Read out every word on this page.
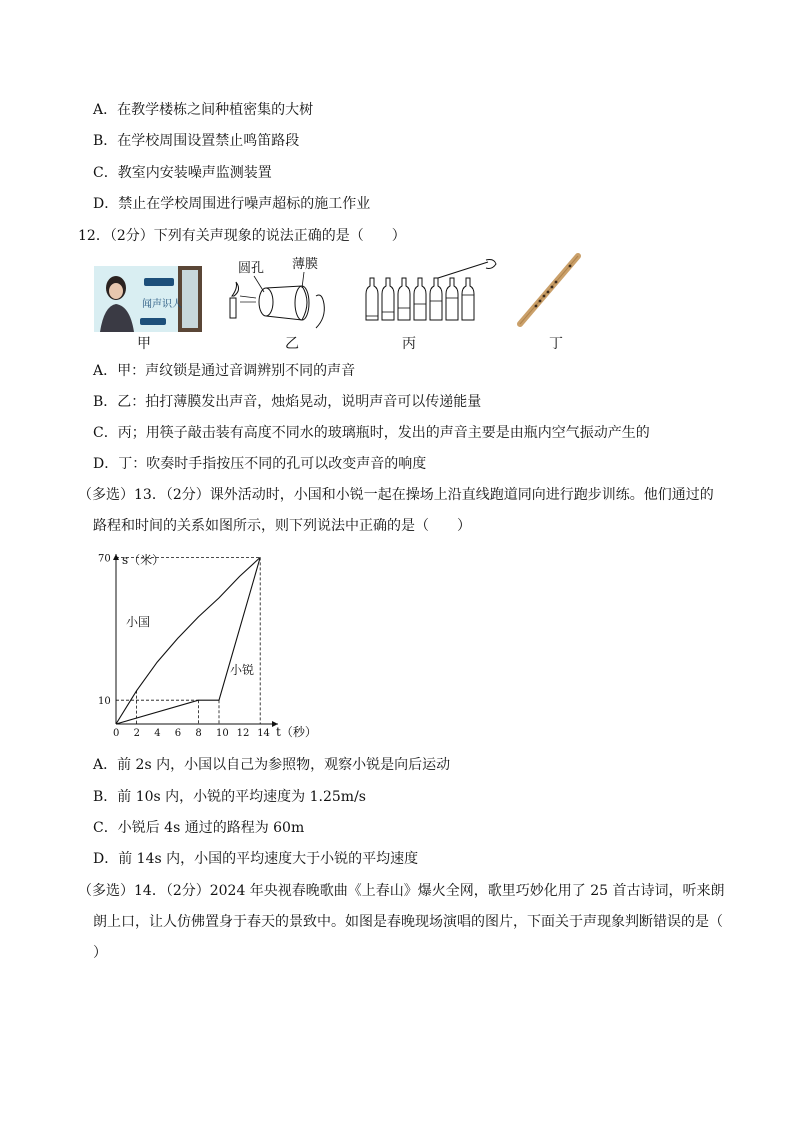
A．在教学楼栋之间种植密集的大树
B．在学校周围设置禁止鸣笛路段
C．教室内安装噪声监测装置
D．禁止在学校周围进行噪声超标的施工作业
12．（2分）下列有关声现象的说法正确的是（　　）
闻声识人
圆孔 薄膜
甲	乙	丙	丁
A．甲：声纹锁是通过音调辨别不同的声音
B．乙：拍打薄膜发出声音，烛焰晃动，说明声音可以传递能量
C．丙；用筷子敲击装有高度不同水的玻璃瓶时，发出的声音主要是由瓶内空气振动产生的
D．丁：吹奏时手指按压不同的孔可以改变声音的响度
（多选）13．（2分）课外活动时，小国和小锐一起在操场上沿直线跑道同向进行跑步训练。他们通过的
路程和时间的关系如图所示，则下列说法中正确的是（　　）
s（米）
t（秒）
0 2 4 6 8 10 12 14
10
70
小国
小锐
A．前 2s 内，小国以自己为参照物，观察小锐是向后运动
B．前 10s 内，小锐的平均速度为 1.25m/s
C．小锐后 4s 通过的路程为 60m
D．前 14s 内，小国的平均速度大于小锐的平均速度
（多选）14．（2分）2024 年央视春晚歌曲《上春山》爆火全网，歌里巧妙化用了 25 首古诗词，听来朗
朗上口，让人仿佛置身于春天的景致中。如图是春晚现场演唱的图片，下面关于声现象判断错误的是（
）
